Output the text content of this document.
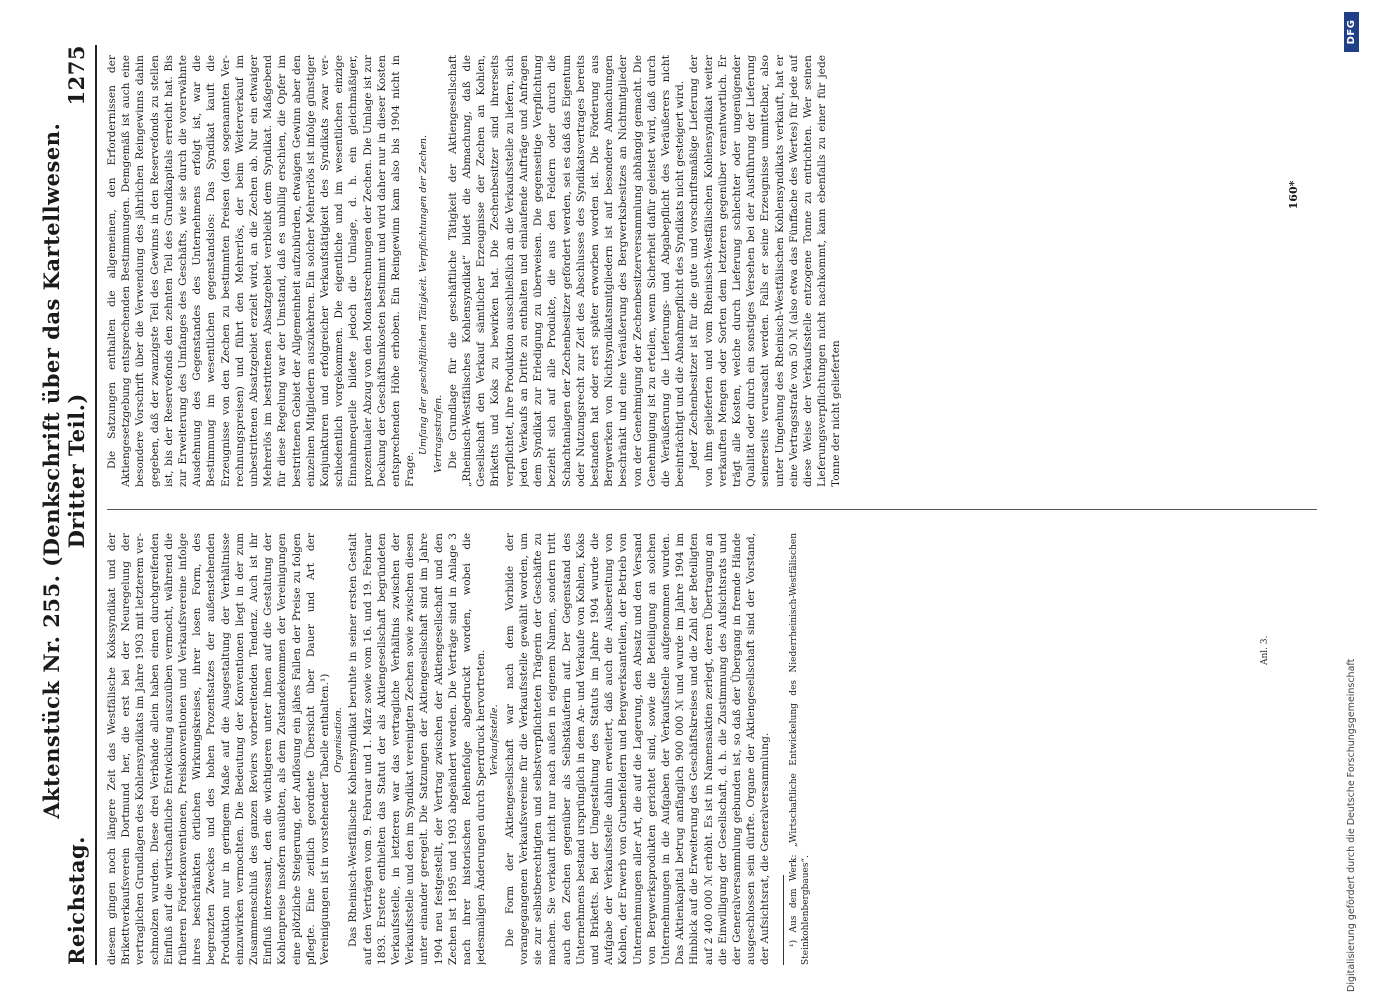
Reichstag.
Aktenstück Nr. 255. (Denkschrift über das Kartellwesen. Dritter Teil.)
1275

diesem gingen noch längere Zeit das Westfälische Kokssyndikat und der Brikettverkaufsverein Dortmund her, die erst bei der Neuregelung der vertraglichen Grundlagen des Kohlensyndikats im Jahre 1903 mit letzterem verschmolzen wurden. Diese drei Verbände allein haben einen durchgreifenden Einfluß auf die wirtschaftliche Entwicklung auszuüben vermocht, während die früheren Förderkonventionen, Preiskonventionen und Verkaufsvereine infolge ihres beschränkten örtlichen Wirkungskreises, ihrer losen Form, des begrenzten Zweckes und des hohen Prozentsatzes der außenstehenden Produktion nur in geringem Maße auf die Ausgestaltung der Verhältnisse einzuwirken vermochten. Die Bedeutung der Konventionen liegt in der zum Zusammenschluß des ganzen Reviers vorbereitenden Tendenz. Auch ist ihr Einfluß interessant, den die wichtigeren unter ihnen auf die Gestaltung der Kohlenpreise insofern ausübten, als dem Zustandekommen der Vereinigungen eine plötzliche Steigerung, der Auflösung ein jähes Fallen der Preise zu folgen pflegte. Eine zeitlich geordnete Übersicht über Dauer und Art der Vereinigungen ist in vorstehender Tabelle enthalten.¹) Organisation. Das Rheinisch-Westfälische Kohlensyndikat beruhte in seiner ersten Gestalt auf den Verträgen vom 9. Februar und 1. März sowie vom 16. und 19. Februar 1893. Erstere enthielten das Statut der als Aktiengesellschaft begründeten Verkaufsstelle, in letzteren war das vertragliche Verhältnis zwischen der Verkaufsstelle und den im Syndikat vereinigten Zechen sowie zwischen diesen unter einander geregelt. Die Satzungen der Aktiengesellschaft sind im Jahre 1904 neu festgestellt, der Vertrag zwischen der Aktiengesellschaft und den Zechen ist 1895 und 1903 abgeändert worden. Die Verträge sind in Anlage 3 nach ihrer historischen Reihenfolge abgedruckt worden, wobei die jedesmaligen Änderungen durch Sperrdruck hervortreten. Verkaufsstelle. Die Form der Aktiengesellschaft war nach dem Vorbilde der vorangegangenen Verkaufsvereine für die Verkaufsstelle gewählt worden, um sie zur selbstberechtigten und selbstverpflichteten Trägerin der Geschäfte zu machen. Sie verkauft nicht nur nach außen in eigenem Namen, sondern tritt auch den Zechen gegenüber als Selbstkäuferin auf. Der Gegenstand des Unternehmens bestand ursprünglich in dem An- und Verkaufe von Kohlen, Koks und Briketts. Bei der Umgestaltung des Statuts im Jahre 1904 wurde die Aufgabe der Verkaufsstelle dahin erweitert, daß auch die Ausbereitung von Kohlen, der Erwerb von Grubenfeldern und Bergwerksanteilen, der Betrieb von Unternehmungen aller Art, die auf die Lagerung, den Absatz und den Versand von Bergwerksprodukten gerichtet sind, sowie die Beteiligung an solchen Unternehmungen in die Aufgaben der Verkaufsstelle aufgenommen wurden. Das Aktienkapital betrug anfänglich 900 000 ℳ und wurde im Jahre 1904 im Hinblick auf die Erweiterung des Geschäftskreises und die Zahl der Beteiligten auf 2 400 000 ℳ erhöht. Es ist in Namensaktien zerlegt, deren Übertragung an die Einwilligung der Gesellschaft, d. h. die Zustimmung des Aufsichtsrats und der Generalversammlung gebunden ist, so daß der Übergang in fremde Hände ausgeschlossen sein dürfte. Organe der Aktiengesellschaft sind der Vorstand, der Aufsichtsrat, die Generalversammlung. ¹) Aus dem Werk: „Wirtschaftliche Entwickelung des Niederrheinisch-Westfälischen Steinkohlenbergbaues“.

Die Satzungen enthalten die allgemeinen, den Erfordernissen der Aktiengesetzgebung entsprechenden Bestimmungen. Demgemäß ist auch eine besondere Vorschrift über die Verwendung des jährlichen Reingewinns dahin gegeben, daß der zwanzigste Teil des Gewinns in den Reservefonds zu stellen ist, bis der Reservefonds den zehnten Teil des Grundkapitals erreicht hat. Bis zur Erweiterung des Umfanges des Geschäfts, wie sie durch die vorerwähnte Ausdehnung des Gegenstandes des Unternehmens erfolgt ist, war die Bestimmung im wesentlichen gegenstandslos: Das Syndikat kauft die Erzeugnisse von den Zechen zu bestimmten Preisen (den sogenannten Verrechnungspreisen) und führt den Mehrerlös, der beim Weiterverkauf im unbestrittenen Absatzgebiet erzielt wird, an die Zechen ab. Nur ein etwaiger Mehrerlös im bestrittenen Absatzgebiet verbleibt dem Syndikat. Maßgebend für diese Regelung war der Umstand, daß es unbillig erschien, die Opfer im bestrittenen Gebiet der Allgemeinheit aufzubürden, etwaigen Gewinn aber den einzelnen Mitgliedern auszukehren. Ein solcher Mehrerlös ist infolge günstiger Konjunkturen und erfolgreicher Verkaufstätigkeit des Syndikats zwar verschiedentlich vorgekommen. Die eigentliche und im wesentlichen einzige Einnahmequelle bildete jedoch die Umlage, d. h. ein gleichmäßiger, prozentualer Abzug von den Monatsrechnungen der Zechen. Die Umlage ist zur Deckung der Geschäftsunkosten bestimmt und wird daher nur in dieser Kosten entsprechenden Höhe erhoben. Ein Reingewinn kam also bis 1904 nicht in Frage.

Umfang der geschäftlichen Tätigkeit. Verpflichtungen der Zechen. Vertragsstrafen. Die Grundlage für die geschäftliche Tätigkeit der Aktiengesellschaft „Rheinisch-Westfälisches Kohlensyndikat“ bildet die Abmachung, daß die Gesellschaft den Verkauf sämtlicher Erzeugnisse der Zechen an Kohlen, Briketts und Koks zu bewirken hat. Die Zechenbesitzer sind ihrerseits verpflichtet, ihre Produktion ausschließlich an die Verkaufsstelle zu liefern, sich jeden Verkaufs an Dritte zu enthalten und einlaufende Aufträge und Anfragen dem Syndikat zur Erledigung zu überweisen. Die gegenseitige Verpflichtung bezieht sich auf alle Produkte, die aus den Feldern oder durch die Schachtanlagen der Zechenbesitzer gefördert werden, sei es daß das Eigentum oder Nutzungsrecht zur Zeit des Abschlusses des Syndikatsvertrages bereits bestanden hat oder erst später erworben worden ist. Die Förderung aus Bergwerken von Nichtsyndikatsmitgliedern ist auf besondere Abmachungen beschränkt und eine Veräußerung des Bergwerksbesitzes an Nichtmitglieder von der Genehmigung der Zechenbesitzerversammlung abhängig gemacht. Die Genehmigung ist zu erteilen, wenn Sicherheit dafür geleistet wird, daß durch die Veräußerung die Lieferungs- und Abgabepflicht des Veräußerers nicht beeinträchtigt und die Abnahmepflicht des Syndikats nicht gesteigert wird. Jeder Zechenbesitzer ist für die gute und vorschriftsmäßige Lieferung der von ihm gelieferten und vom Rheinisch-Westfälischen Kohlensyndikat weiter verkauften Mengen oder Sorten dem letzteren gegenüber verantwortlich. Er trägt alle Kosten, welche durch Lieferung schlechter oder ungenügender Qualität oder durch ein sonstiges Versehen bei der Ausführung der Lieferung seinerseits verursacht werden. Falls er seine Erzeugnisse unmittelbar, also unter Umgehung des Rheinisch-Westfälischen Kohlensyndikats verkauft, hat er eine Vertragsstrafe von 50 ℳ (also etwa das Fünffache des Wertes) für jede auf diese Weise der Verkaufsstelle entzogene Tonne zu entrichten. Wer seinen Lieferungsverpflichtungen nicht nachkommt, kann ebenfalls zu einer für jede Tonne der nicht gelieferten

Anl. 3.
160*
Digitalisierung gefördert durch die Deutsche Forschungsgemeinschaft
DFG
